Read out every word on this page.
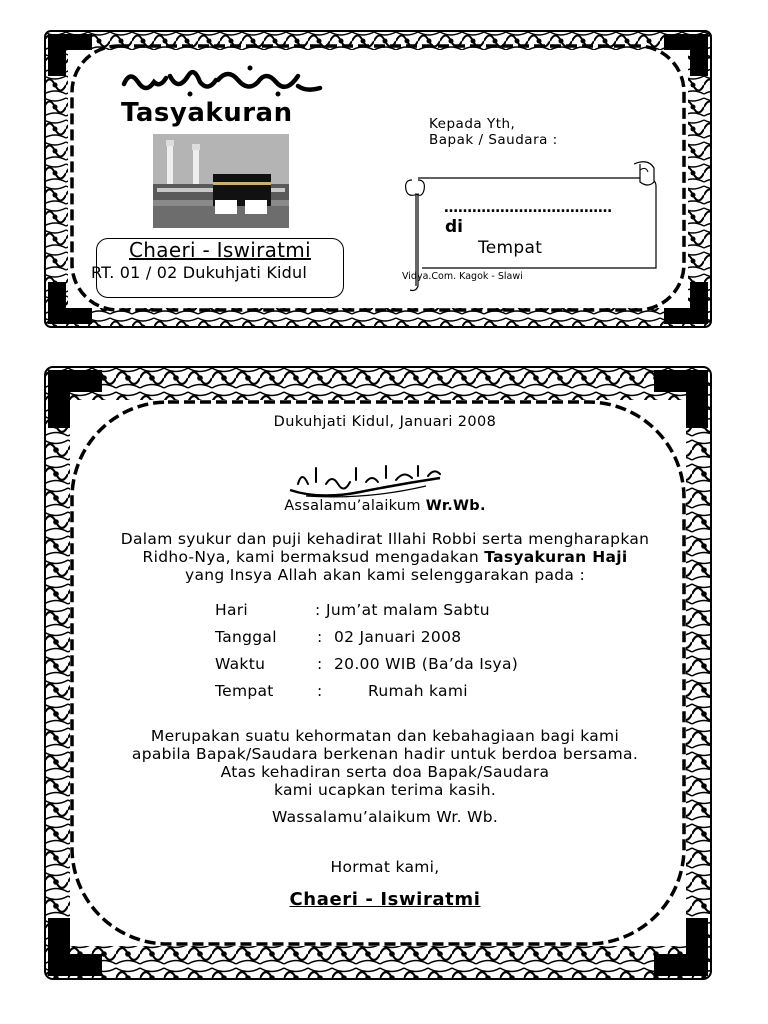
Tasyakuran
Chaeri - Iswiratmi
RT. 01 / 02 Dukuhjati Kidul
Kepada Yth,
Bapak / Saudara :
………………………………
di
Tempat
Vidya.Com. Kagok - Slawi
Dukuhjati Kidul, Januari 2008
Assalamu’alaikum Wr.Wb.
Dalam syukur dan puji kehadirat Illahi Robbi serta mengharapkan
Ridho-Nya, kami bermaksud mengadakan Tasyakuran Haji
yang Insya Allah akan kami selenggarakan pada :
Hari	: Jum’at malam Sabtu
Tanggal	: 02 Januari 2008
Waktu	: 20.00 WIB (Ba’da Isya)
Tempat	:	Rumah kami
Merupakan suatu kehormatan dan kebahagiaan bagi kami
apabila Bapak/Saudara berkenan hadir untuk berdoa bersama.
Atas kehadiran serta doa Bapak/Saudara
kami ucapkan terima kasih.
Wassalamu’alaikum Wr. Wb.
Hormat kami,
Chaeri - Iswiratmi
